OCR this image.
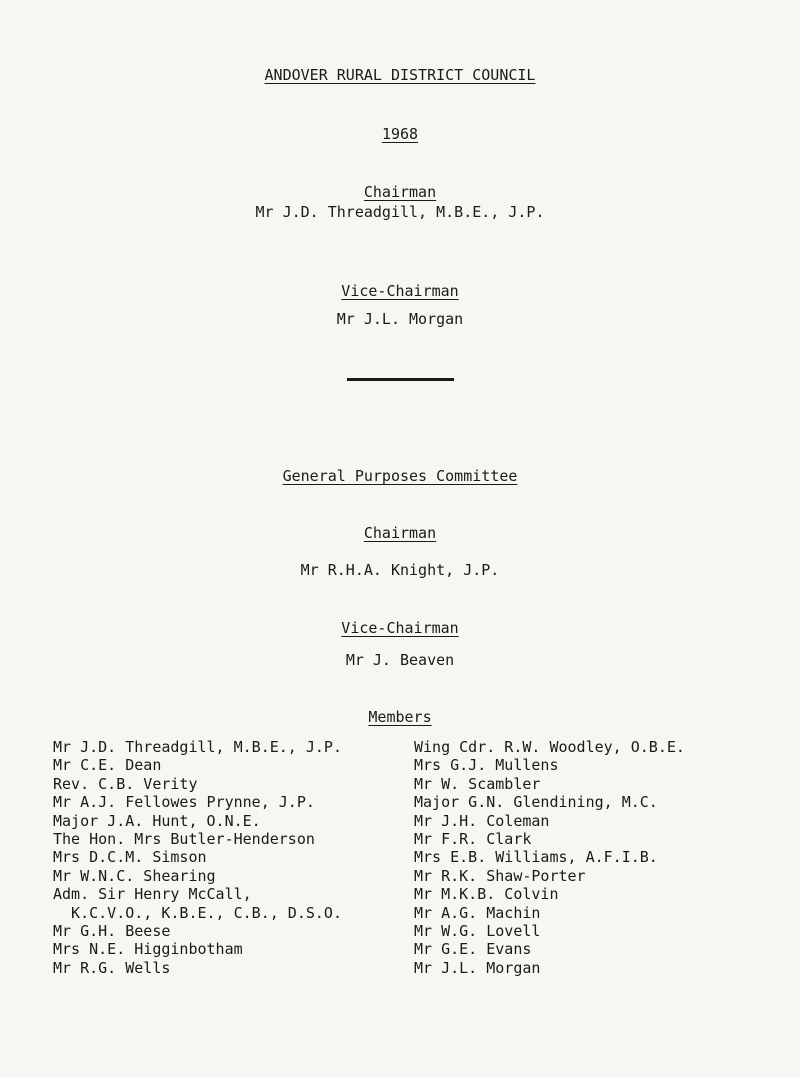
ANDOVER RURAL DISTRICT COUNCIL
1968
Chairman
Mr J.D. Threadgill, M.B.E., J.P.
Vice-Chairman
Mr J.L. Morgan
General Purposes Committee
Chairman
Mr R.H.A. Knight, J.P.
Vice-Chairman
Mr J. Beaven
Members
Mr J.D. Threadgill, M.B.E., J.P.
Mr C.E. Dean
Rev. C.B. Verity
Mr A.J. Fellowes Prynne, J.P.
Major J.A. Hunt, O.N.E.
The Hon. Mrs Butler-Henderson
Mrs D.C.M. Simson
Mr W.N.C. Shearing
Adm. Sir Henry McCall,
K.C.V.O., K.B.E., C.B., D.S.O.
Mr G.H. Beese
Mrs N.E. Higginbotham
Mr R.G. Wells
Wing Cdr. R.W. Woodley, O.B.E.
Mrs G.J. Mullens
Mr W. Scambler
Major G.N. Glendining, M.C.
Mr J.H. Coleman
Mr F.R. Clark
Mrs E.B. Williams, A.F.I.B.
Mr R.K. Shaw-Porter
Mr M.K.B. Colvin
Mr A.G. Machin
Mr W.G. Lovell
Mr G.E. Evans
Mr J.L. Morgan
